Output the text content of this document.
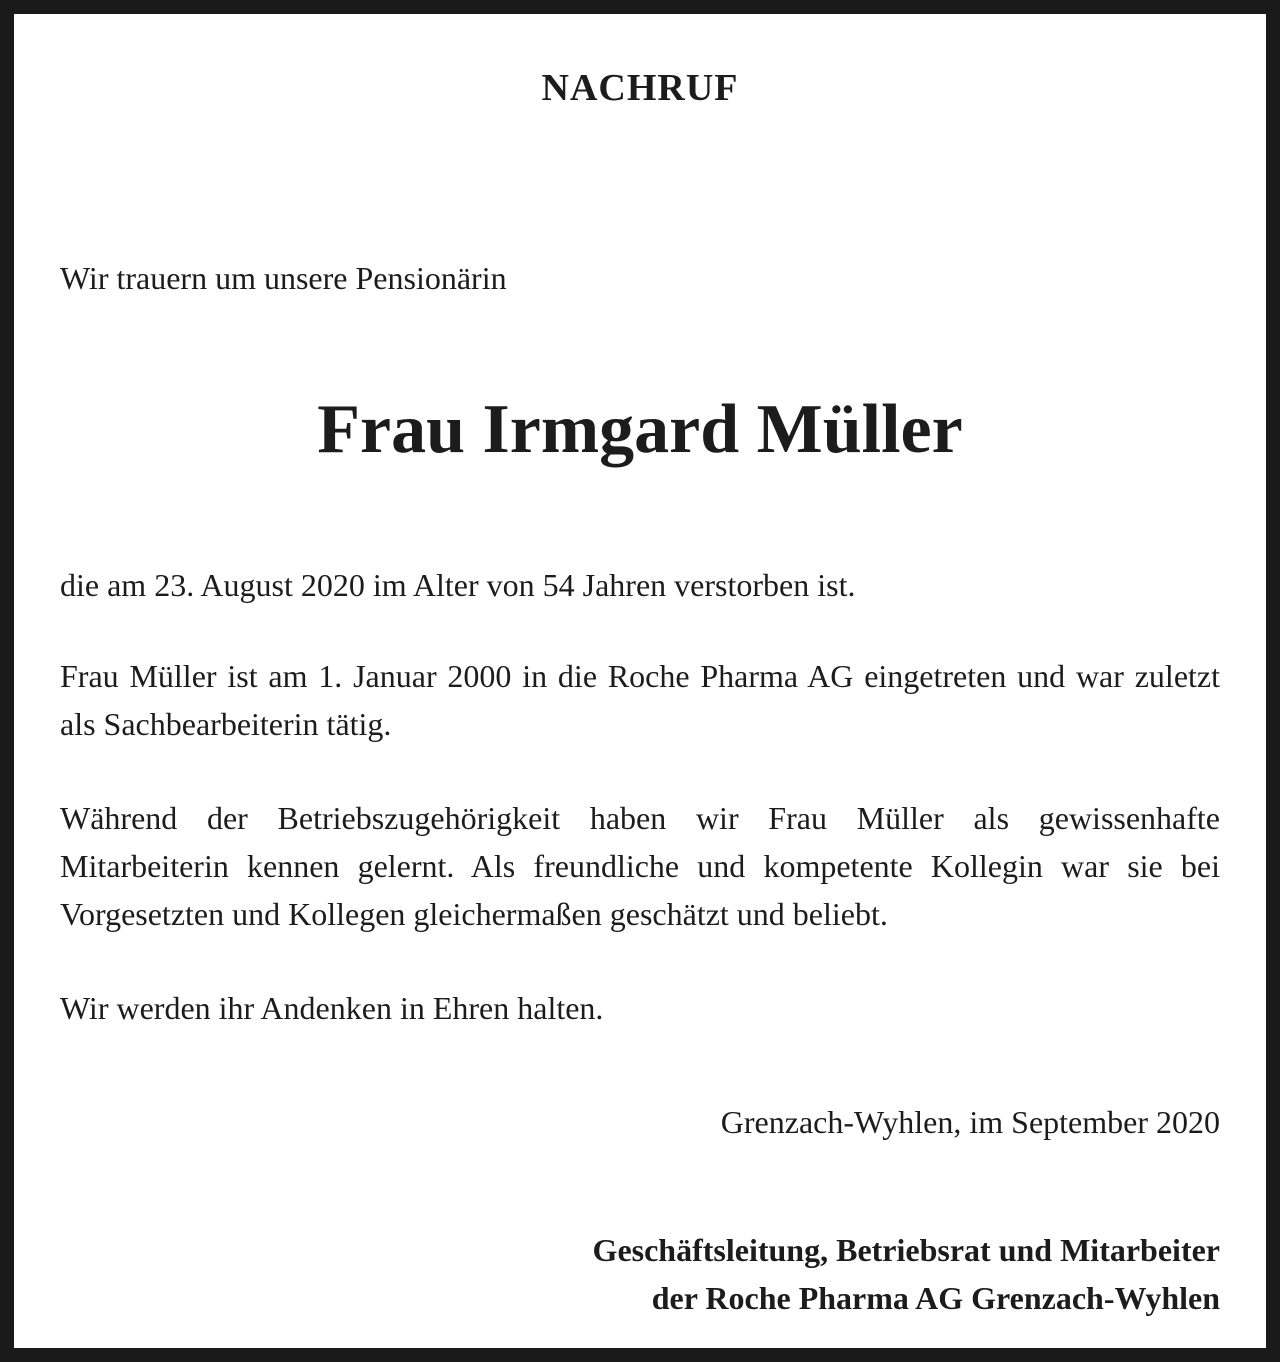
NACHRUF
Wir trauern um unsere Pensionärin
Frau Irmgard Müller
die am 23. August 2020 im Alter von 54 Jahren verstorben ist.
Frau Müller ist am 1. Januar 2000 in die Roche Pharma AG eingetreten und war zuletzt als Sachbearbeiterin tätig.
Während der Betriebszugehörigkeit haben wir Frau Müller als gewissenhafte Mitarbeiterin kennen gelernt. Als freundliche und kompetente Kollegin war sie bei Vorgesetzten und Kollegen gleichermaßen geschätzt und beliebt.
Wir werden ihr Andenken in Ehren halten.
Grenzach-Wyhlen, im September 2020
Geschäftsleitung, Betriebsrat und Mitarbeiter
der Roche Pharma AG Grenzach-Wyhlen
